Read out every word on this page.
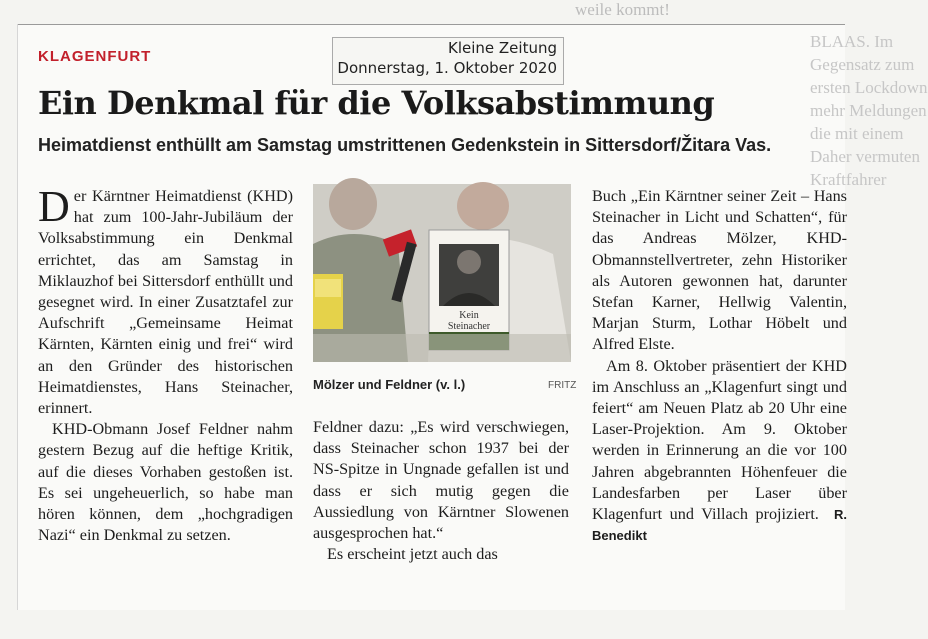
weile kommt!
BLAAS. Im
Gegensatz zum
ersten Lockdown
mehr Meldungen
die mit einem
Daher vermuten
Kraftfahrer
KLAGENFURT	Kleine Zeitung
Donnerstag, 1. Oktober 2020
Ein Denkmal für die Volksabstimmung
Heimatdienst enthüllt am Samstag umstrittenen Gedenkstein in Sittersdorf/Žitara Vas.

Der Kärntner Heimatdienst (KHD) hat zum 100-Jahr-Jubiläum der Volksabstimmung ein Denkmal errichtet, das am Samstag in Miklauzhof bei Sittersdorf enthüllt und gesegnet wird. In einer Zusatztafel zur Aufschrift „Gemeinsame Heimat Kärnten, Kärnten einig und frei“ wird an den Gründer des historischen Heimatdienstes, Hans Steinacher, erinnert.

KHD-Obmann Josef Feldner nahm gestern Bezug auf die heftige Kritik, auf die dieses Vorhaben gestoßen ist. Es sei ungeheuerlich, so habe man hören können, dem „hochgradigen Nazi“ ein Denkmal zu setzen.

Kein Steinacher
Mölzer und Feldner (v. l.)	FRITZ

Feldner dazu: „Es wird verschwiegen, dass Steinacher schon 1937 bei der NS-Spitze in Ungnade gefallen ist und dass er sich mutig gegen die Aussiedlung von Kärntner Slowenen ausgesprochen hat.“

Es erscheint jetzt auch das

Buch „Ein Kärntner seiner Zeit – Hans Steinacher in Licht und Schatten“, für das Andreas Mölzer, KHD-Obmannstellvertreter, zehn Historiker als Autoren gewonnen hat, darunter Stefan Karner, Hellwig Valentin, Marjan Sturm, Lothar Höbelt und Alfred Elste.

Am 8. Oktober präsentiert der KHD im Anschluss an „Klagenfurt singt und feiert“ am Neuen Platz ab 20 Uhr eine Laser-Projektion. Am 9. Oktober werden in Erinnerung an die vor 100 Jahren abgebrannten Höhenfeuer die Landesfarben per Laser über Klagenfurt und Villach projiziert. R. Benedikt
